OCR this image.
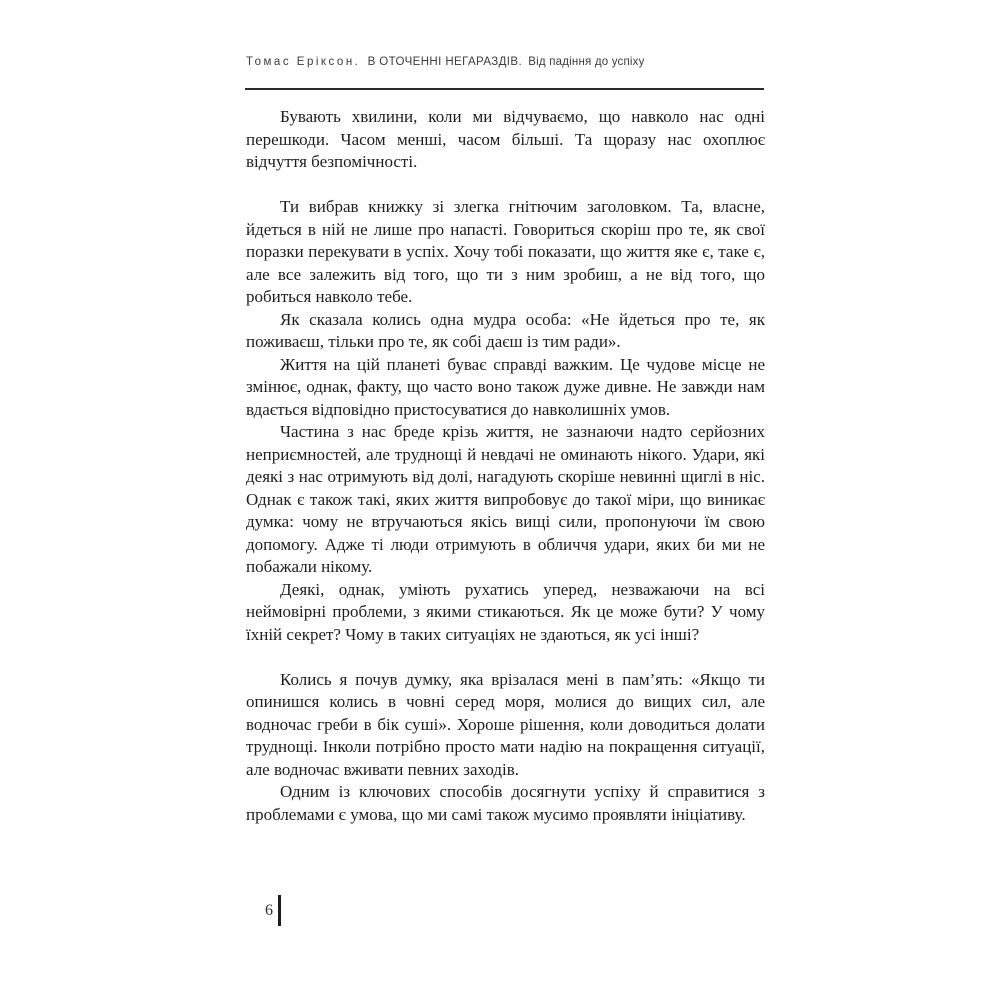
Томас Еріксон. В ОТОЧЕННІ НЕГАРАЗДІВ. Від падіння до успіху

Бувають хвилини, коли ми відчуваємо, що навколо нас одні перешкоди. Часом менші, часом більші. Та щоразу нас охоплює відчуття безпомічності.

Ти вибрав книжку зі злегка гнітючим заголовком. Та, власне, йдеться в ній не лише про напасті. Говориться скоріш про те, як свої поразки перекувати в успіх. Хочу тобі показати, що життя яке є, таке є, але все залежить від того, що ти з ним зробиш, а не від того, що робиться навколо тебе.

Як сказала колись одна мудра особа: «Не йдеться про те, як поживаєш, тільки про те, як собі даєш із тим ради».

Життя на цій планеті буває справді важким. Це чудове місце не змінює, однак, факту, що часто воно також дуже дивне. Не завжди нам вдається відповідно пристосуватися до навколишніх умов.

Частина з нас бреде крізь життя, не зазнаючи надто серйозних неприємностей, але труднощі й невдачі не оминають нікого. Удари, які деякі з нас отримують від долі, нагадують скоріше невинні щиглі в ніс. Однак є також такі, яких життя випробовує до такої міри, що виникає думка: чому не втручаються якісь вищі сили, пропонуючи їм свою допомогу. Адже ті люди отримують в обличчя удари, яких би ми не побажали нікому.

Деякі, однак, уміють рухатись уперед, незважаючи на всі неймовірні проблеми, з якими стикаються. Як це може бути? У чому їхній секрет? Чому в таких ситуаціях не здаються, як усі інші?

Колись я почув думку, яка врізалася мені в пам’ять: «Якщо ти опинишся колись в човні серед моря, молися до вищих сил, але водночас греби в бік суші». Хороше рішення, коли доводиться долати труднощі. Інколи потрібно просто мати надію на покращення ситуації, але водночас вживати певних заходів.

Одним із ключових способів досягнути успіху й справитися з проблемами є умова, що ми самі також мусимо проявляти ініціативу.

6
